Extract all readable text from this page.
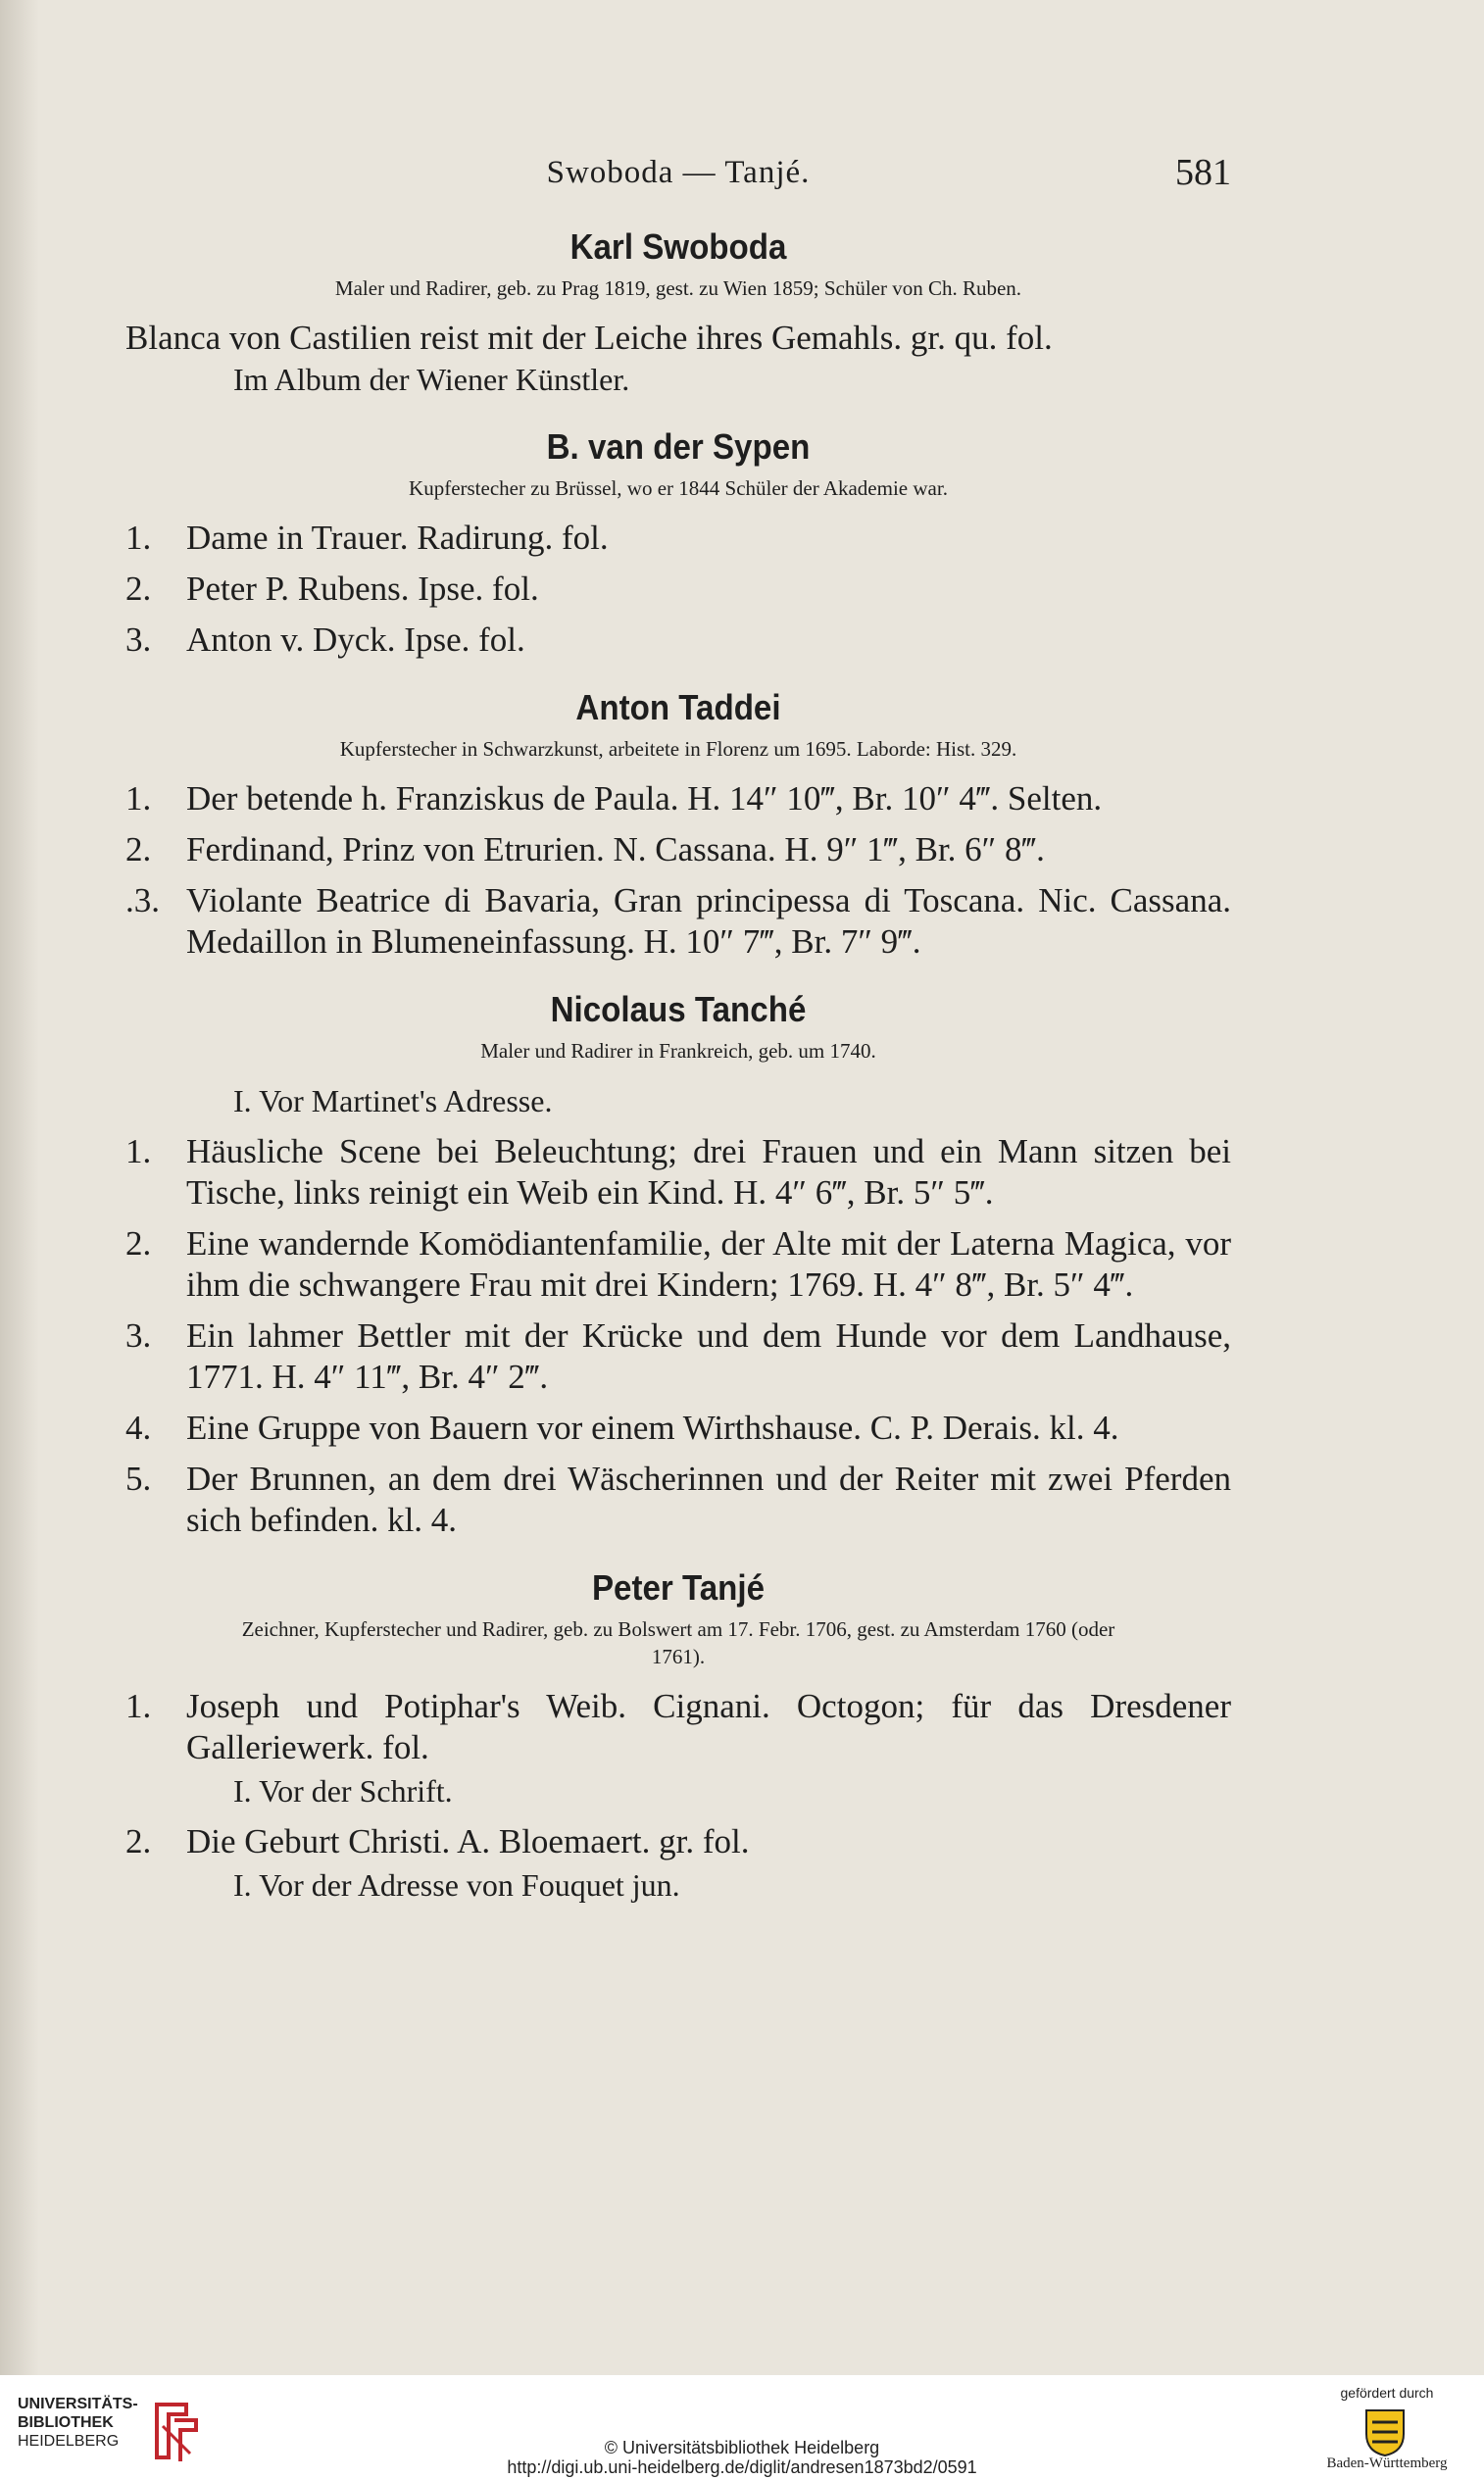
Swoboda — Tanjé.	581
Karl Swoboda
Maler und Radirer, geb. zu Prag 1819, gest. zu Wien 1859; Schüler von Ch. Ruben.
Blanca von Castilien reist mit der Leiche ihres Gemahls. gr. qu. fol.
Im Album der Wiener Künstler.
B. van der Sypen
Kupferstecher zu Brüssel, wo er 1844 Schüler der Akademie war.
1. Dame in Trauer. Radirung. fol.
2. Peter P. Rubens. Ipse. fol.
3. Anton v. Dyck. Ipse. fol.
Anton Taddei
Kupferstecher in Schwarzkunst, arbeitete in Florenz um 1695. Laborde: Hist. 329.
1. Der betende h. Franziskus de Paula. H. 14″ 10‴, Br. 10″ 4‴. Selten.
2. Ferdinand, Prinz von Etrurien. N. Cassana. H. 9″ 1‴, Br. 6″ 8‴.
.3. Violante Beatrice di Bavaria, Gran principessa di Toscana. Nic. Cassana. Medaillon in Blumeneinfassung. H. 10″ 7‴, Br. 7″ 9‴.
Nicolaus Tanché
Maler und Radirer in Frankreich, geb. um 1740.
I. Vor Martinet's Adresse.
1. Häusliche Scene bei Beleuchtung; drei Frauen und ein Mann sitzen bei Tische, links reinigt ein Weib ein Kind. H. 4″ 6‴, Br. 5″ 5‴.
2. Eine wandernde Komödiantenfamilie, der Alte mit der Laterna Magica, vor ihm die schwangere Frau mit drei Kindern; 1769. H. 4″ 8‴, Br. 5″ 4‴.
3. Ein lahmer Bettler mit der Krücke und dem Hunde vor dem Landhause, 1771. H. 4″ 11‴, Br. 4″ 2‴.
4. Eine Gruppe von Bauern vor einem Wirthshause. C. P. Derais. kl. 4.
5. Der Brunnen, an dem drei Wäscherinnen und der Reiter mit zwei Pferden sich befinden. kl. 4.
Peter Tanjé
Zeichner, Kupferstecher und Radirer, geb. zu Bolswert am 17. Febr. 1706, gest. zu Amsterdam 1760 (oder 1761).
1. Joseph und Potiphar's Weib. Cignani. Octogon; für das Dresdener Galleriewerk. fol.
I. Vor der Schrift.
2. Die Geburt Christi. A. Bloemaert. gr. fol.
I. Vor der Adresse von Fouquet jun.
UNIVERSITÄTS-
BIBLIOTHEK
HEIDELBERG	© Universitätsbibliothek Heidelberg
http://digi.ub.uni-heidelberg.de/diglit/andresen1873bd2/0591
gefördert durch
Baden-Württemberg
